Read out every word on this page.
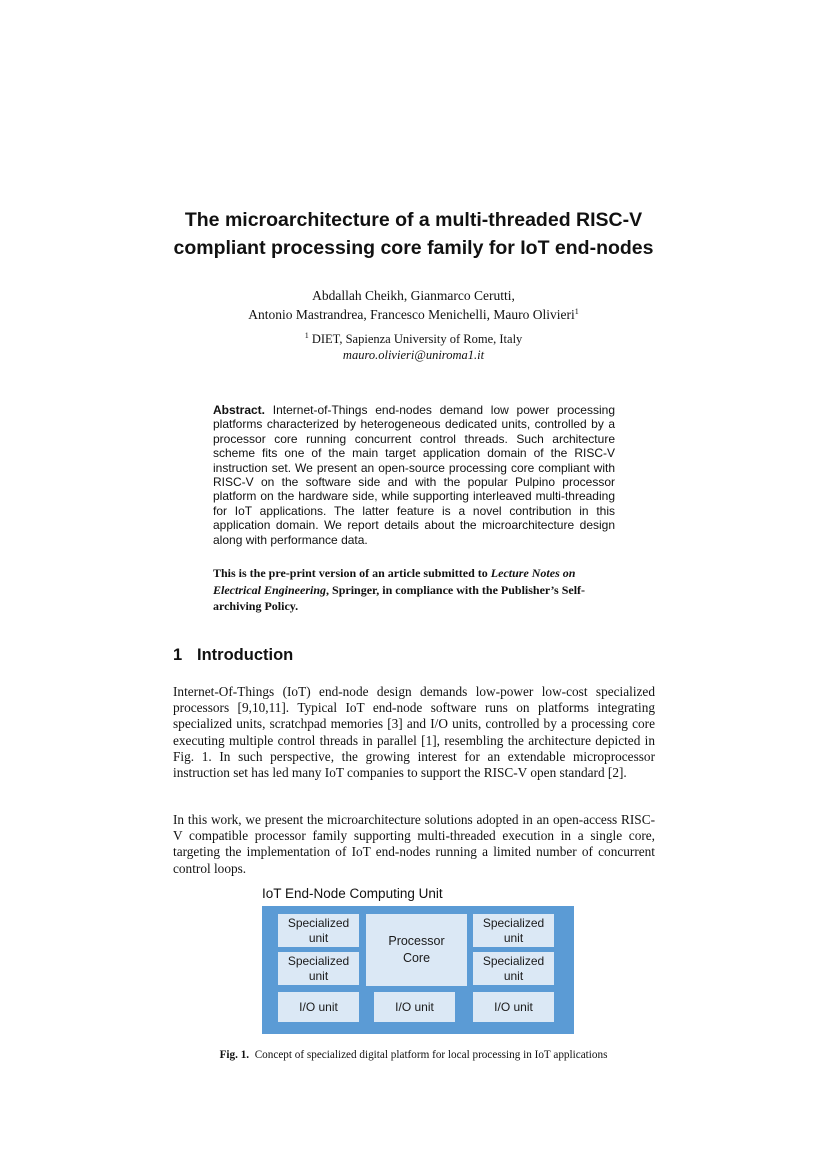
The microarchitecture of a multi-threaded RISC-V
compliant processing core family for IoT end-nodes
Abdallah Cheikh, Gianmarco Cerutti,
Antonio Mastrandrea, Francesco Menichelli, Mauro Olivieri$^1$
$^1$ DIET, Sapienza University of Rome, Italy
mauro.olivieri@uniroma1.it

Abstract. Internet-of-Things end-nodes demand low power processing platforms characterized by heterogeneous dedicated units, controlled by a processor core running concurrent control threads. Such architecture scheme fits one of the main target application domain of the RISC-V instruction set. We present an open-source processing core compliant with RISC-V on the software side and with the popular Pulpino processor platform on the hardware side, while supporting interleaved multi-threading for IoT applications. The latter feature is a novel contribution in this application domain. We report details about the microarchitecture design along with performance data.

This is the pre-print version of an article submitted to Lecture Notes on Electrical Engineering, Springer, in compliance with the Publisher’s Self-archiving Policy.

1 Introduction

Internet-Of-Things (IoT) end-node design demands low-power low-cost specialized processors [9,10,11]. Typical IoT end-node software runs on platforms integrating specialized units, scratchpad memories [3] and I/O units, controlled by a processing core executing multiple control threads in parallel [1], resembling the architecture depicted in Fig. 1. In such perspective, the growing interest for an extendable microprocessor instruction set has led many IoT companies to support the RISC-V open standard [2].

In this work, we present the microarchitecture solutions adopted in an open-access RISC-V compatible processor family supporting multi-threaded execution in a single core, targeting the implementation of IoT end-nodes running a limited number of concurrent control loops.

IoT End-Node Computing Unit
Specialized
unit
Specialized
unit
Processor
Core
Specialized
unit
Specialized
unit
I/O unit	I/O unit	I/O unit
Fig. 1. Concept of specialized digital platform for local processing in IoT applications
